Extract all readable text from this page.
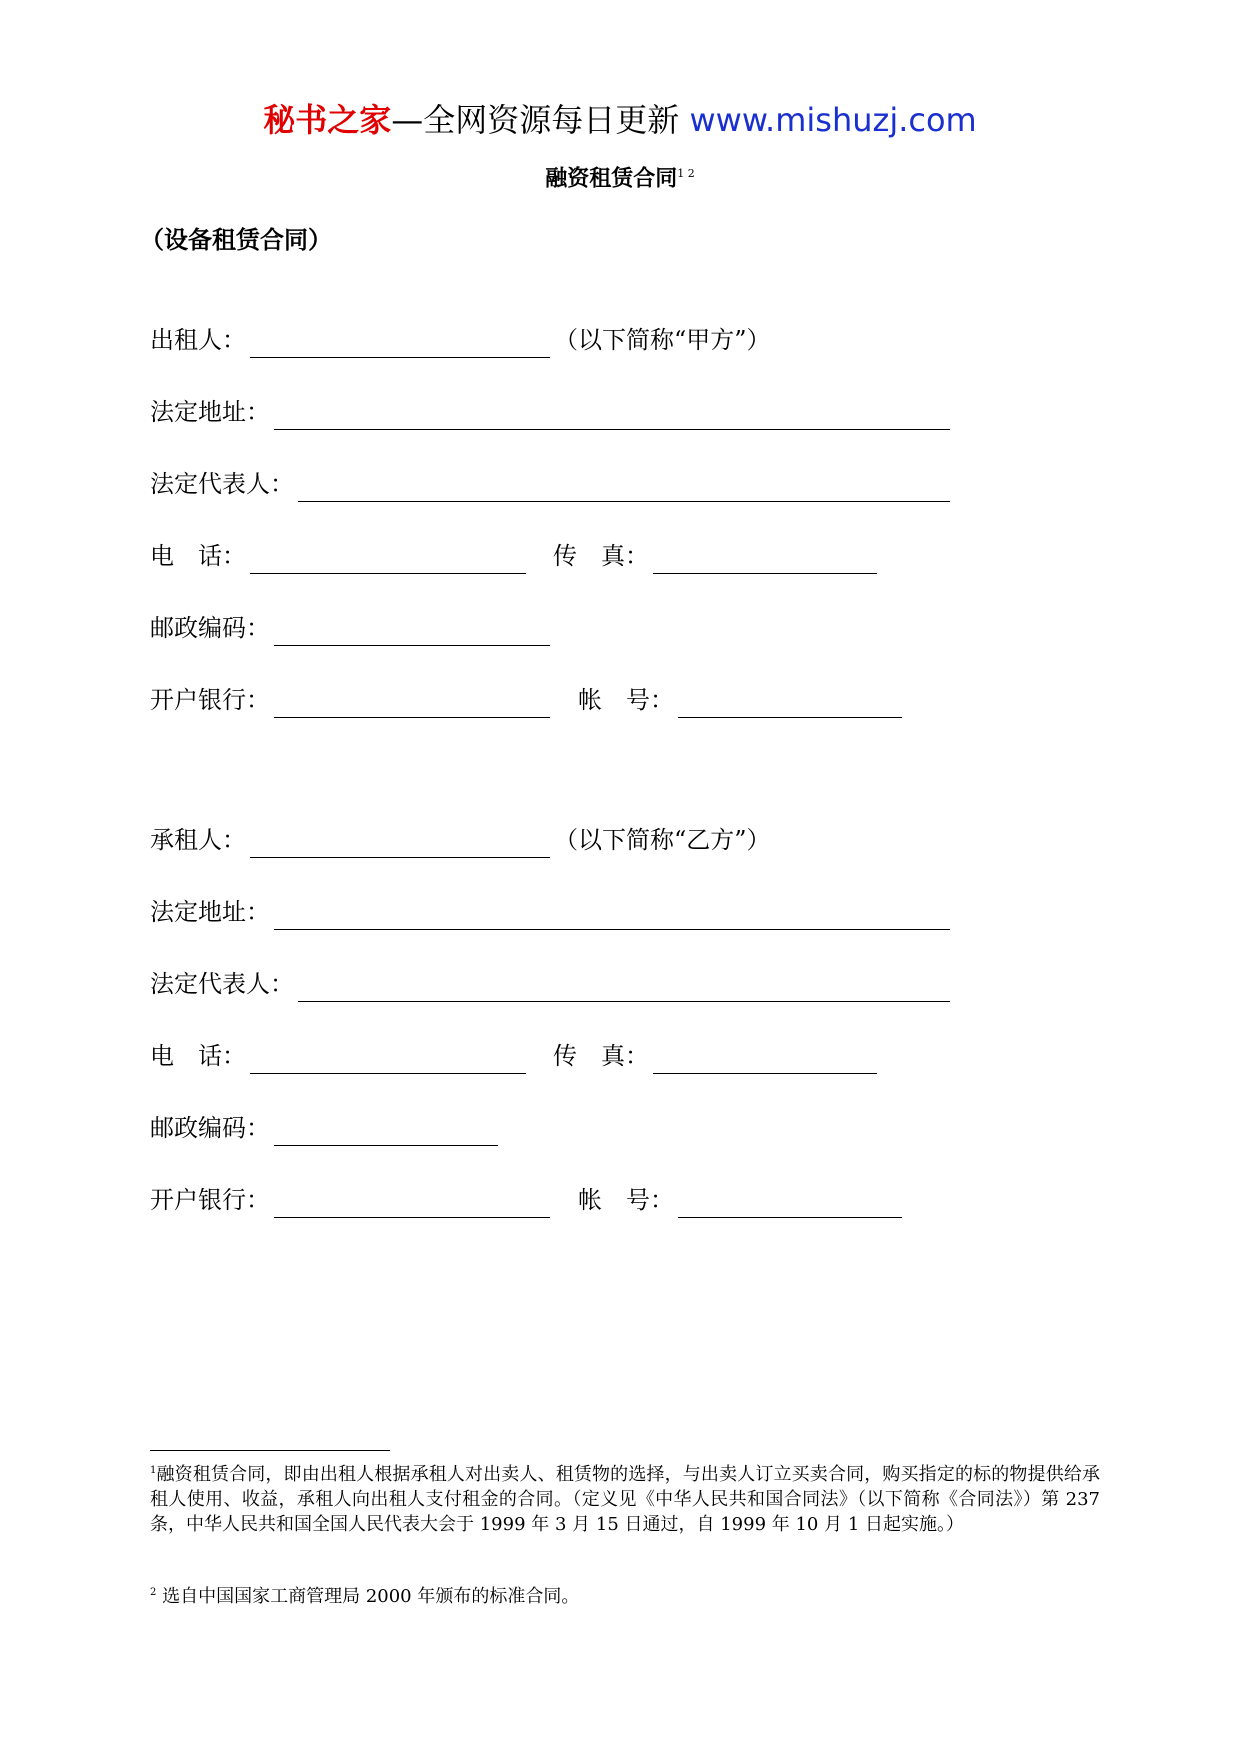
秘书之家—全网资源每日更新 www.mishuzj.com
融资租赁合同$^{1 2}$
（设备租赁合同）
出租人：	（以下简称“甲方”）
法定地址：
法定代表人：
电　话：	传　真：
邮政编码：
开户银行：	帐　号：
承租人：	（以下简称“乙方”）
法定地址：
法定代表人：
电　话：	传　真：
邮政编码：
开户银行：	帐　号：
$^1$融资租赁合同，即由出租人根据承租人对出卖人、租赁物的选择，与出卖人订立买卖合同，购买指定的标的物提供给承租人使用、收益，承租人向出租人支付租金的合同。（定义见《中华人民共和国合同法》（以下简称《合同法》）第 237 条，中华人民共和国全国人民代表大会于 1999 年 3 月 15 日通过，自 1999 年 10 月 1 日起实施。）
$^2$ 选自中国国家工商管理局 2000 年颁布的标准合同。
